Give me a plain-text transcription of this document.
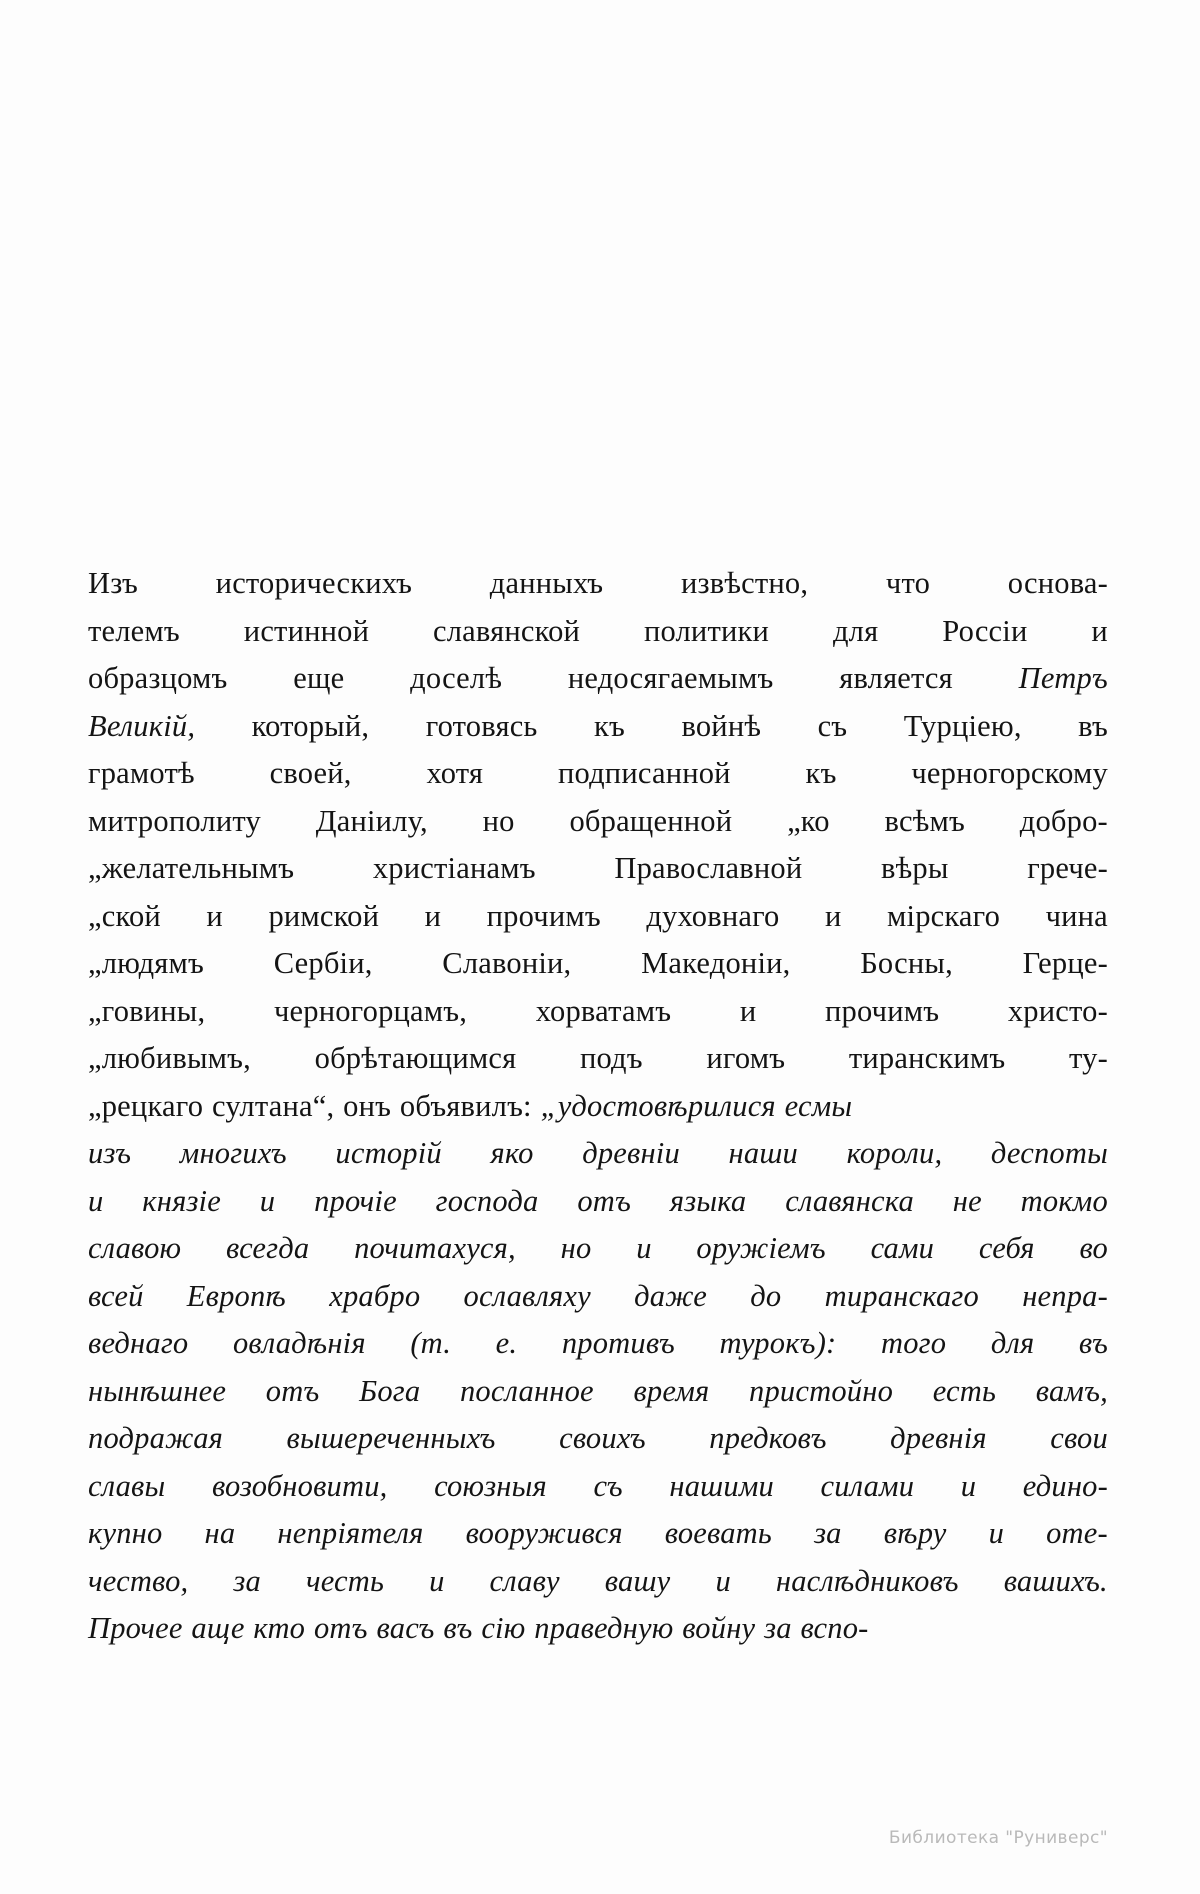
Изъ	историческихъ	данныхъ	извѣстно,	что	основа-
телемъ истинной славянской политики для Россіи и
образцомъ еще доселѣ недосягаемымъ является Петръ
Великій, который, готовясь къ войнѣ съ Турціею, въ
грамотѣ своей, хотя подписанной къ черногорскому
митрополиту Даніилу, но обращенной „ко всѣмъ добро-
„желательнымъ	христіанамъ	Православной	вѣры	грече-
„ской и римской и прочимъ духовнаго и мірскаго чина
„людямъ Сербіи, Славоніи, Македоніи, Босны, Герце-
„говины, черногорцамъ, хорватамъ и прочимъ христо-
„любивымъ, обрѣтающимся подъ игомъ тиранскимъ ту-
„рецкаго султана“, онъ объявилъ: „удостовѣрилися есмы

изъ многихъ исторій яко древніи наши короли, деспоты
и князіе и прочіе господа отъ языка славянска не токмо
славою всегда почитахуся, но и оружіемъ сами себя во
всей Европѣ храбро ославляху даже до тиранскаго непра-
веднаго овладѣнія (т. е. противъ турокъ): того для въ
нынѣшнее отъ Бога посланное время пристойно есть вамъ,
подражая вышереченныхъ своихъ предковъ древнія свои
славы возобновити, союзныя съ нашими силами и едино-
купно на непріятеля вооружився воевать за вѣру и оте-
чество, за честь и славу вашу и наслѣдниковъ вашихъ.
Прочее аще кто отъ васъ въ сію праведную войну за вспо-

Библиотека "Руниверс"
